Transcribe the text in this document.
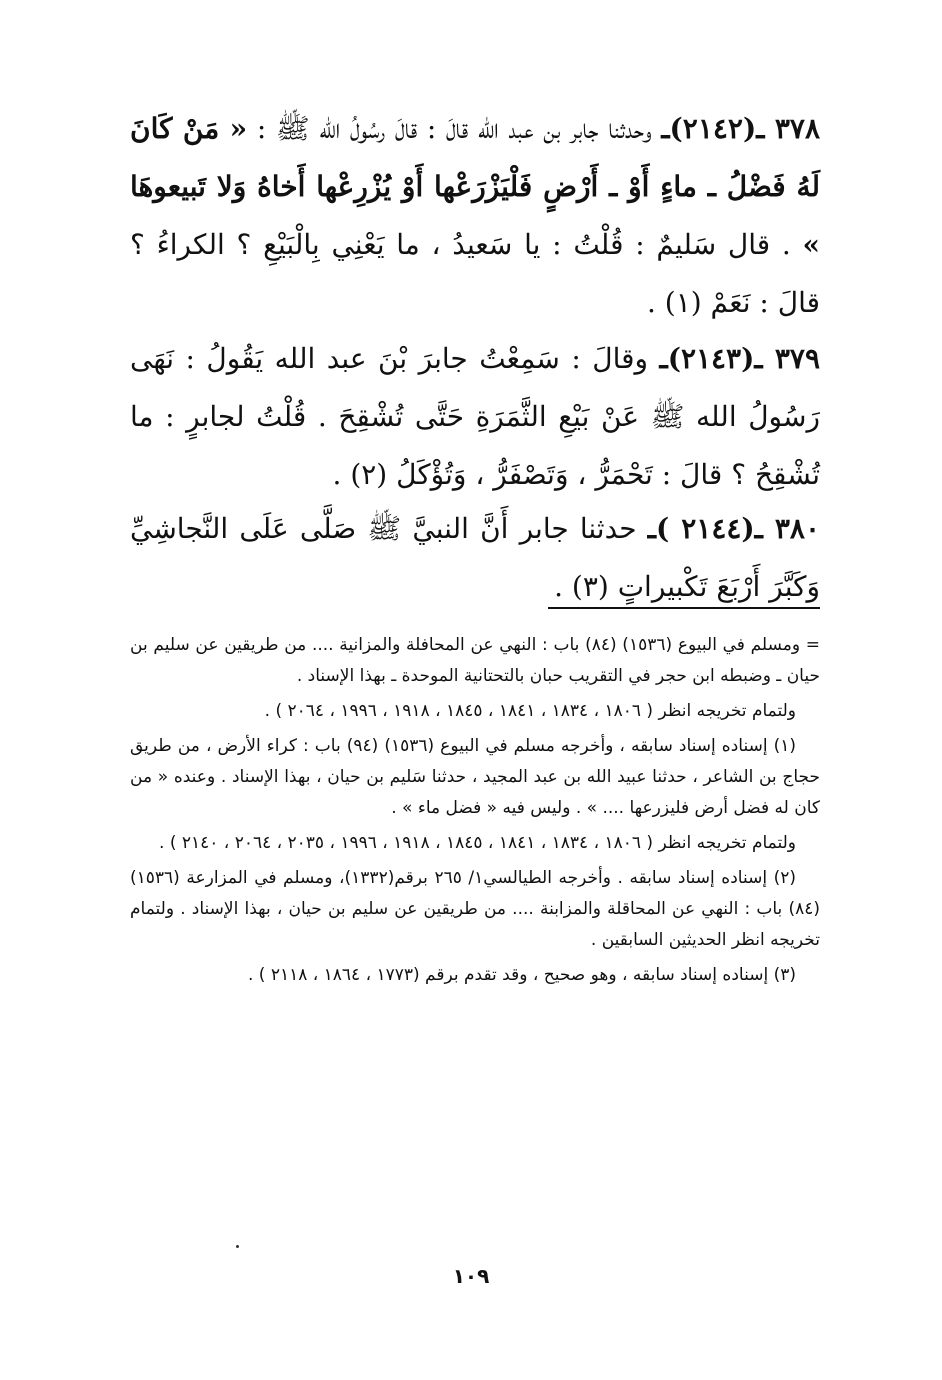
٣٧٨ ـ(٢١٤٢)ـ وحدثنا جابر بن عبد الله قالَ : قالَ رسُولُ الله ﷺ : « مَنْ كَانَ لَهُ فَضْلُ ـ ماءٍ أَوْ ـ أَرْضٍ فَلْيَزْرَعْها أَوْ يُزْرِعْها أَخاهُ وَلا تَبيعوهَا » . قال سَليمٌ : قُلْتُ : يا سَعيدُ ، ما يَعْنِي بِالْبَيْعِ ؟ الكراءُ ؟ قالَ : نَعَمْ (١) .

٣٧٩ ـ(٢١٤٣)ـ وقالَ : سَمِعْتُ جابرَ بْنَ عبد الله يَقُولُ : نَهَى رَسُولُ الله ﷺ عَنْ بَيْعِ الثَّمَرَةِ حَتَّى تُشْقِحَ . قُلْتُ لجابرٍ : ما تُشْقِحُ ؟ قالَ : تَحْمَرُّ ، وَتَصْفَرُّ ، وَتُؤْكَلُ (٢) .

٣٨٠ ـ(٢١٤٤ )ـ حدثنا جابر أَنَّ النبيَّ ﷺ صَلَّى عَلَى النَّجاشِيِّ وَكَبَّرَ أَرْبَعَ تَكْبيراتٍ (٣) .

= ومسلم في البيوع (١٥٣٦) (٨٤) باب : النهي عن المحافلة والمزانية .... من طريقين عن سليم بن حيان ـ وضبطه ابن حجر في التقريب حبان بالتحتانية الموحدة ـ بهذا الإسناد .

ولتمام تخريجه انظر ( ١٨٠٦ ، ١٨٣٤ ، ١٨٤١ ، ١٨٤٥ ، ١٩١٨ ، ١٩٩٦ ، ٢٠٦٤ ) .

(١) إسناده إسناد سابقه ، وأخرجه مسلم في البيوع (١٥٣٦) (٩٤) باب : كراء الأرض ، من طريق حجاج بن الشاعر ، حدثنا عبيد الله بن عبد المجيد ، حدثنا سَليم بن حيان ، بهذا الإسناد . وعنده « من كان له فضل أرض فليزرعها .... » . وليس فيه « فضل ماء » .

ولتمام تخريجه انظر ( ١٨٠٦ ، ١٨٣٤ ، ١٨٤١ ، ١٨٤٥ ، ١٩١٨ ، ١٩٩٦ ، ٢٠٣٥ ، ٢٠٦٤ ، ٢١٤٠ ) .

(٢) إسناده إسناد سابقه . وأخرجه الطيالسي١/ ٢٦٥ برقم(١٣٣٢)، ومسلم في المزارعة (١٥٣٦) (٨٤) باب : النهي عن المحاقلة والمزابنة .... من طريقين عن سليم بن حيان ، بهذا الإسناد . ولتمام تخريجه انظر الحديثين السابقين .

(٣) إسناده إسناد سابقه ، وهو صحيح ، وقد تقدم برقم (١٧٧٣ ، ١٨٦٤ ، ٢١١٨ ) .

١٠٩
